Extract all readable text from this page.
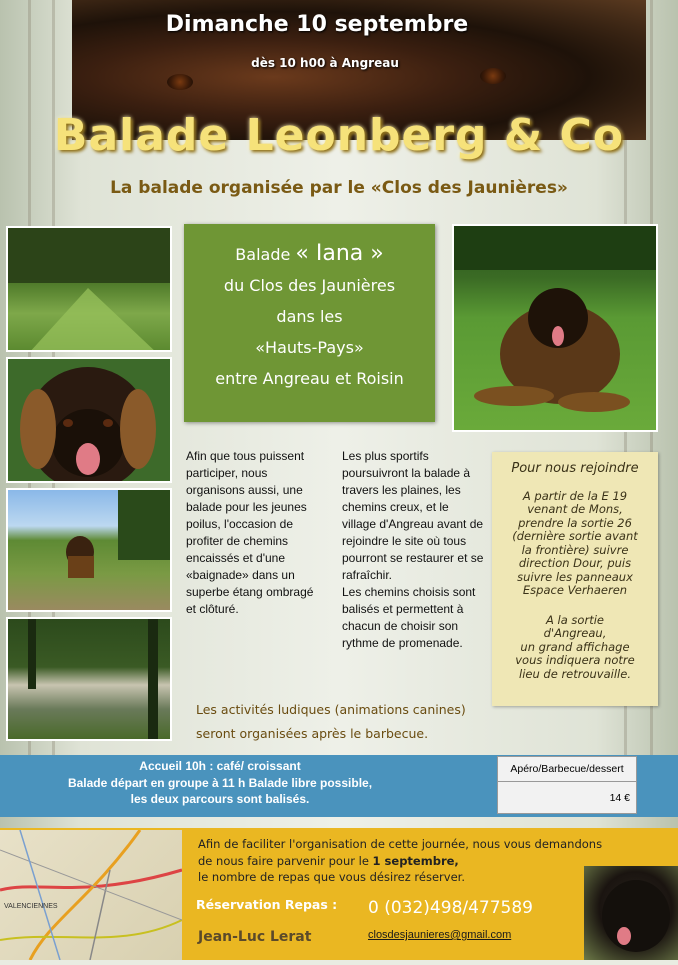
Dimanche 10 septembre
dès 10 h00 à Angreau
Balade Leonberg & Co
La balade organisée par le «Clos des Jaunières»
Balade « Iana »
du Clos des Jaunières
dans les
«Hauts-Pays»
entre Angreau et Roisin
Afin que tous puissent
participer, nous
organisons aussi, une
balade pour les jeunes
poilus, l'occasion de
profiter de chemins
encaissés et d'une
«baignade» dans un
superbe étang ombragé
et clôturé.
Les plus sportifs
poursuivront la balade à
travers les plaines, les
chemins creux, et le
village d'Angreau avant de
rejoindre le site où tous
pourront se restaurer et se
rafraîchir.
Les chemins choisis sont
balisés et permettent à
chacun de choisir son
rythme de promenade.
Pour nous rejoindre
A partir de la E 19
venant de Mons,
prendre la sortie 26
(dernière sortie avant
la frontière) suivre
direction Dour, puis
suivre les panneaux
Espace Verhaeren
A la sortie
d'Angreau,
un grand affichage
vous indiquera notre
lieu de retrouvaille.
Les activités ludiques (animations canines)
seront organisées après le barbecue.
Accueil 10h : café/ croissant
Balade départ en groupe à 11 h Balade libre possible,
les deux parcours sont balisés.
Apéro/Barbecue/dessert
14 €
VALENCIENNES
Afin de faciliter l'organisation de cette journée, nous vous demandons
de nous faire parvenir pour le 1 septembre,
le nombre de repas que vous désirez réserver.
Réservation Repas : 0 (032)498/477589
Jean-Luc Lerat	closdesjaunieres@gmail.com
